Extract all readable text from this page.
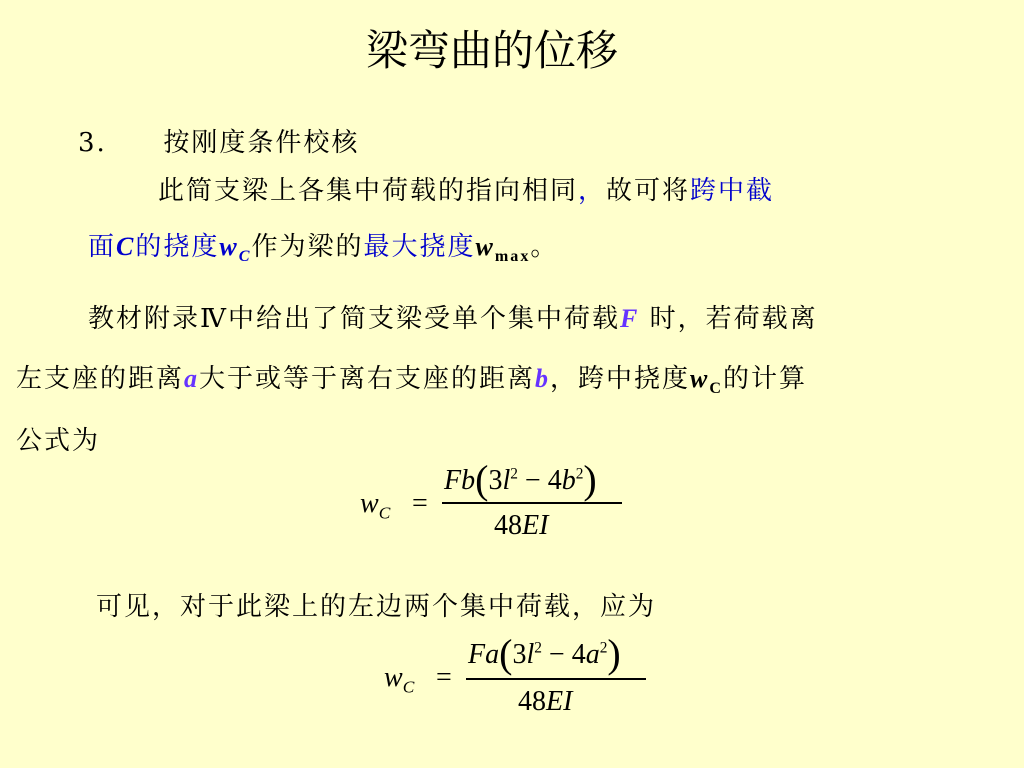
梁弯曲的位移
3. 按刚度条件校核
此简支梁上各集中荷载的指向相同，故可将跨中截
面C的挠度$w_C$作为梁的最大挠度$w_{max}$。
教材附录Ⅳ中给出了简支梁受单个集中荷载F 时，若荷载离
左支座的距离a大于或等于离右支座的距离b，跨中挠度$w_C$的计算
公式为
$w_C$ =
$Fb(3l^2 - 4b^2)$
48EI
可见，对于此梁上的左边两个集中荷载，应为
$w_C$ =
$Fa(3l^2 - 4a^2)$
48EI
